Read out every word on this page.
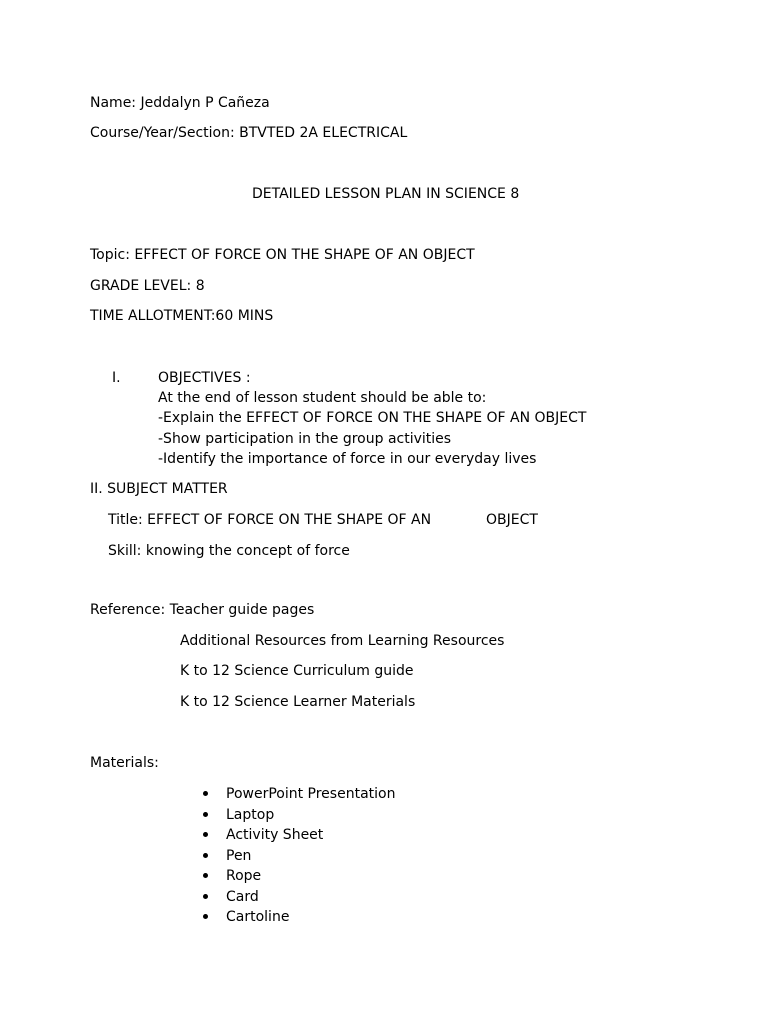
Name: Jeddalyn P Cañeza
Course/Year/Section: BTVTED 2A ELECTRICAL
DETAILED LESSON PLAN IN SCIENCE 8
Topic: EFFECT OF FORCE ON THE SHAPE OF AN OBJECT
GRADE LEVEL: 8
TIME ALLOTMENT:60 MINS
I.	OBJECTIVES :
At the end of lesson student should be able to:
-Explain the EFFECT OF FORCE ON THE SHAPE OF AN OBJECT
-Show participation in the group activities
-Identify the importance of force in our everyday lives
II. SUBJECT MATTER
Title: EFFECT OF FORCE ON THE SHAPE OF AN	OBJECT
Skill: knowing the concept of force
Reference: Teacher guide pages
Additional Resources from Learning Resources
K to 12 Science Curriculum guide
K to 12 Science Learner Materials
Materials:
PowerPoint Presentation
Laptop
Activity Sheet
Pen
Rope
Card
Cartoline
